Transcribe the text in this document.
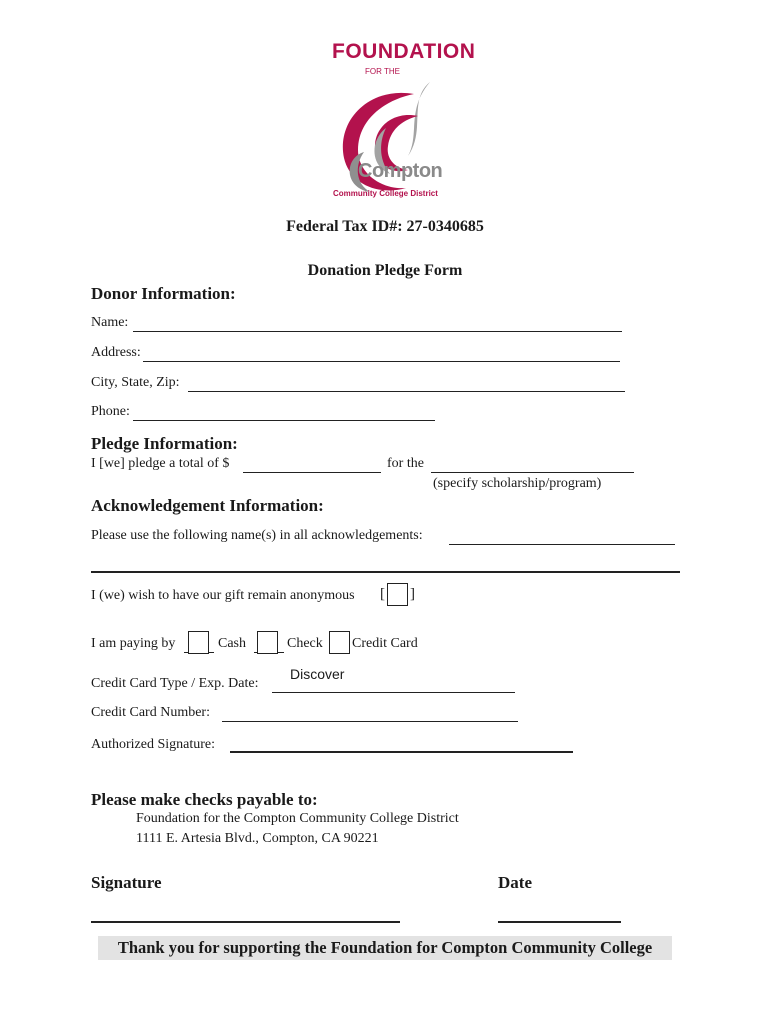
FOUNDATION
FOR THE
Compton
Community College District
Federal Tax ID#: 27-0340685
Donation Pledge Form
Donor Information:
Name:
Address:
City, State, Zip:
Phone:
Pledge Information:
I [we] pledge a total of $	for the
(specify scholarship/program)
Acknowledgement Information:
Please use the following name(s) in all acknowledgements:
I (we) wish to have our gift remain anonymous [ ]
I am paying by	Cash	Check Credit Card
Credit Card Type / Exp. Date:
Discover
Credit Card Number:
Authorized Signature:
Please make checks payable to:
Foundation for the Compton Community College District
1111 E. Artesia Blvd., Compton, CA 90221
Signature	Date
Thank you for supporting the Foundation for Compton Community College
